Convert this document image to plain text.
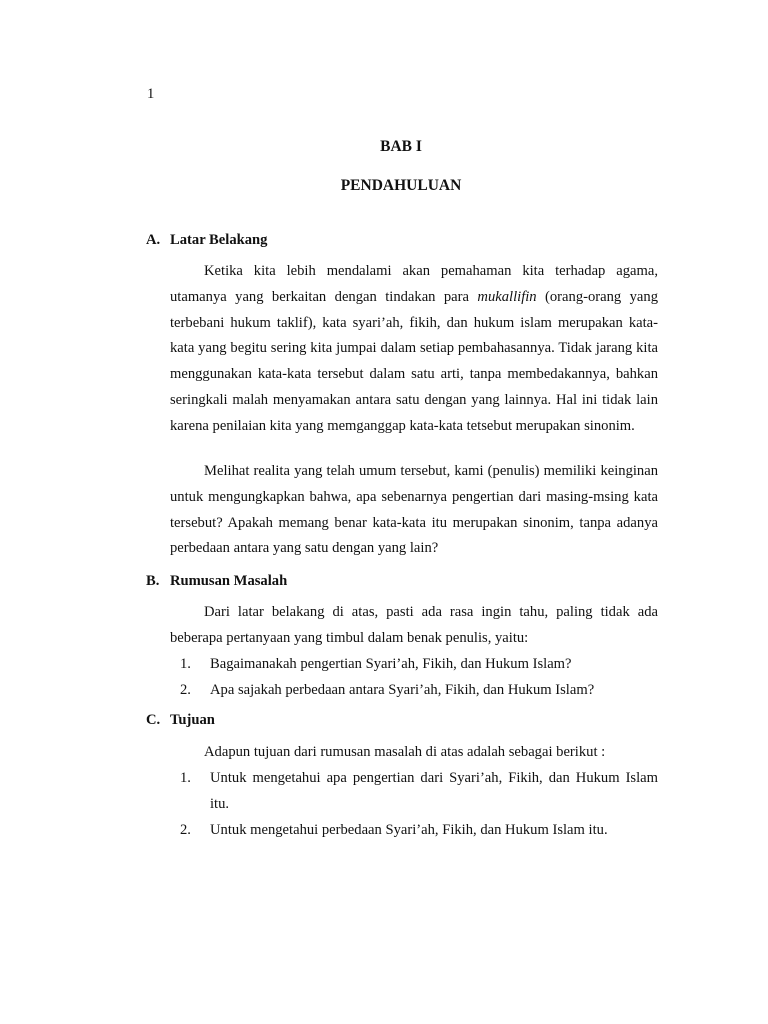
1
BAB I
PENDAHULUAN
A. Latar Belakang

Ketika kita lebih mendalami akan pemahaman kita terhadap agama, utamanya yang berkaitan dengan tindakan para mukallifin (orang-orang yang terbebani hukum taklif), kata syari’ah, fikih, dan hukum islam merupakan kata-kata yang begitu sering kita jumpai dalam setiap pembahasannya. Tidak jarang kita menggunakan kata-kata tersebut dalam satu arti, tanpa membedakannya, bahkan seringkali malah menyamakan antara satu dengan yang lainnya. Hal ini tidak lain karena penilaian kita yang memganggap kata-kata tetsebut merupakan sinonim.

Melihat realita yang telah umum tersebut, kami (penulis) memiliki keinginan untuk mengungkapkan bahwa, apa sebenarnya pengertian dari masing-msing kata tersebut? Apakah memang benar kata-kata itu merupakan sinonim, tanpa adanya perbedaan antara yang satu dengan yang lain?

B. Rumusan Masalah

Dari latar belakang di atas, pasti ada rasa ingin tahu, paling tidak ada beberapa pertanyaan yang timbul dalam benak penulis, yaitu:

1. Bagaimanakah pengertian Syari’ah, Fikih, dan Hukum Islam?
2. Apa sajakah perbedaan antara Syari’ah, Fikih, dan Hukum Islam?
C. Tujuan

Adapun tujuan dari rumusan masalah di atas adalah sebagai berikut :

1. Untuk mengetahui apa pengertian dari Syari’ah, Fikih, dan Hukum Islam itu.
2. Untuk mengetahui perbedaan Syari’ah, Fikih, dan Hukum Islam itu.
